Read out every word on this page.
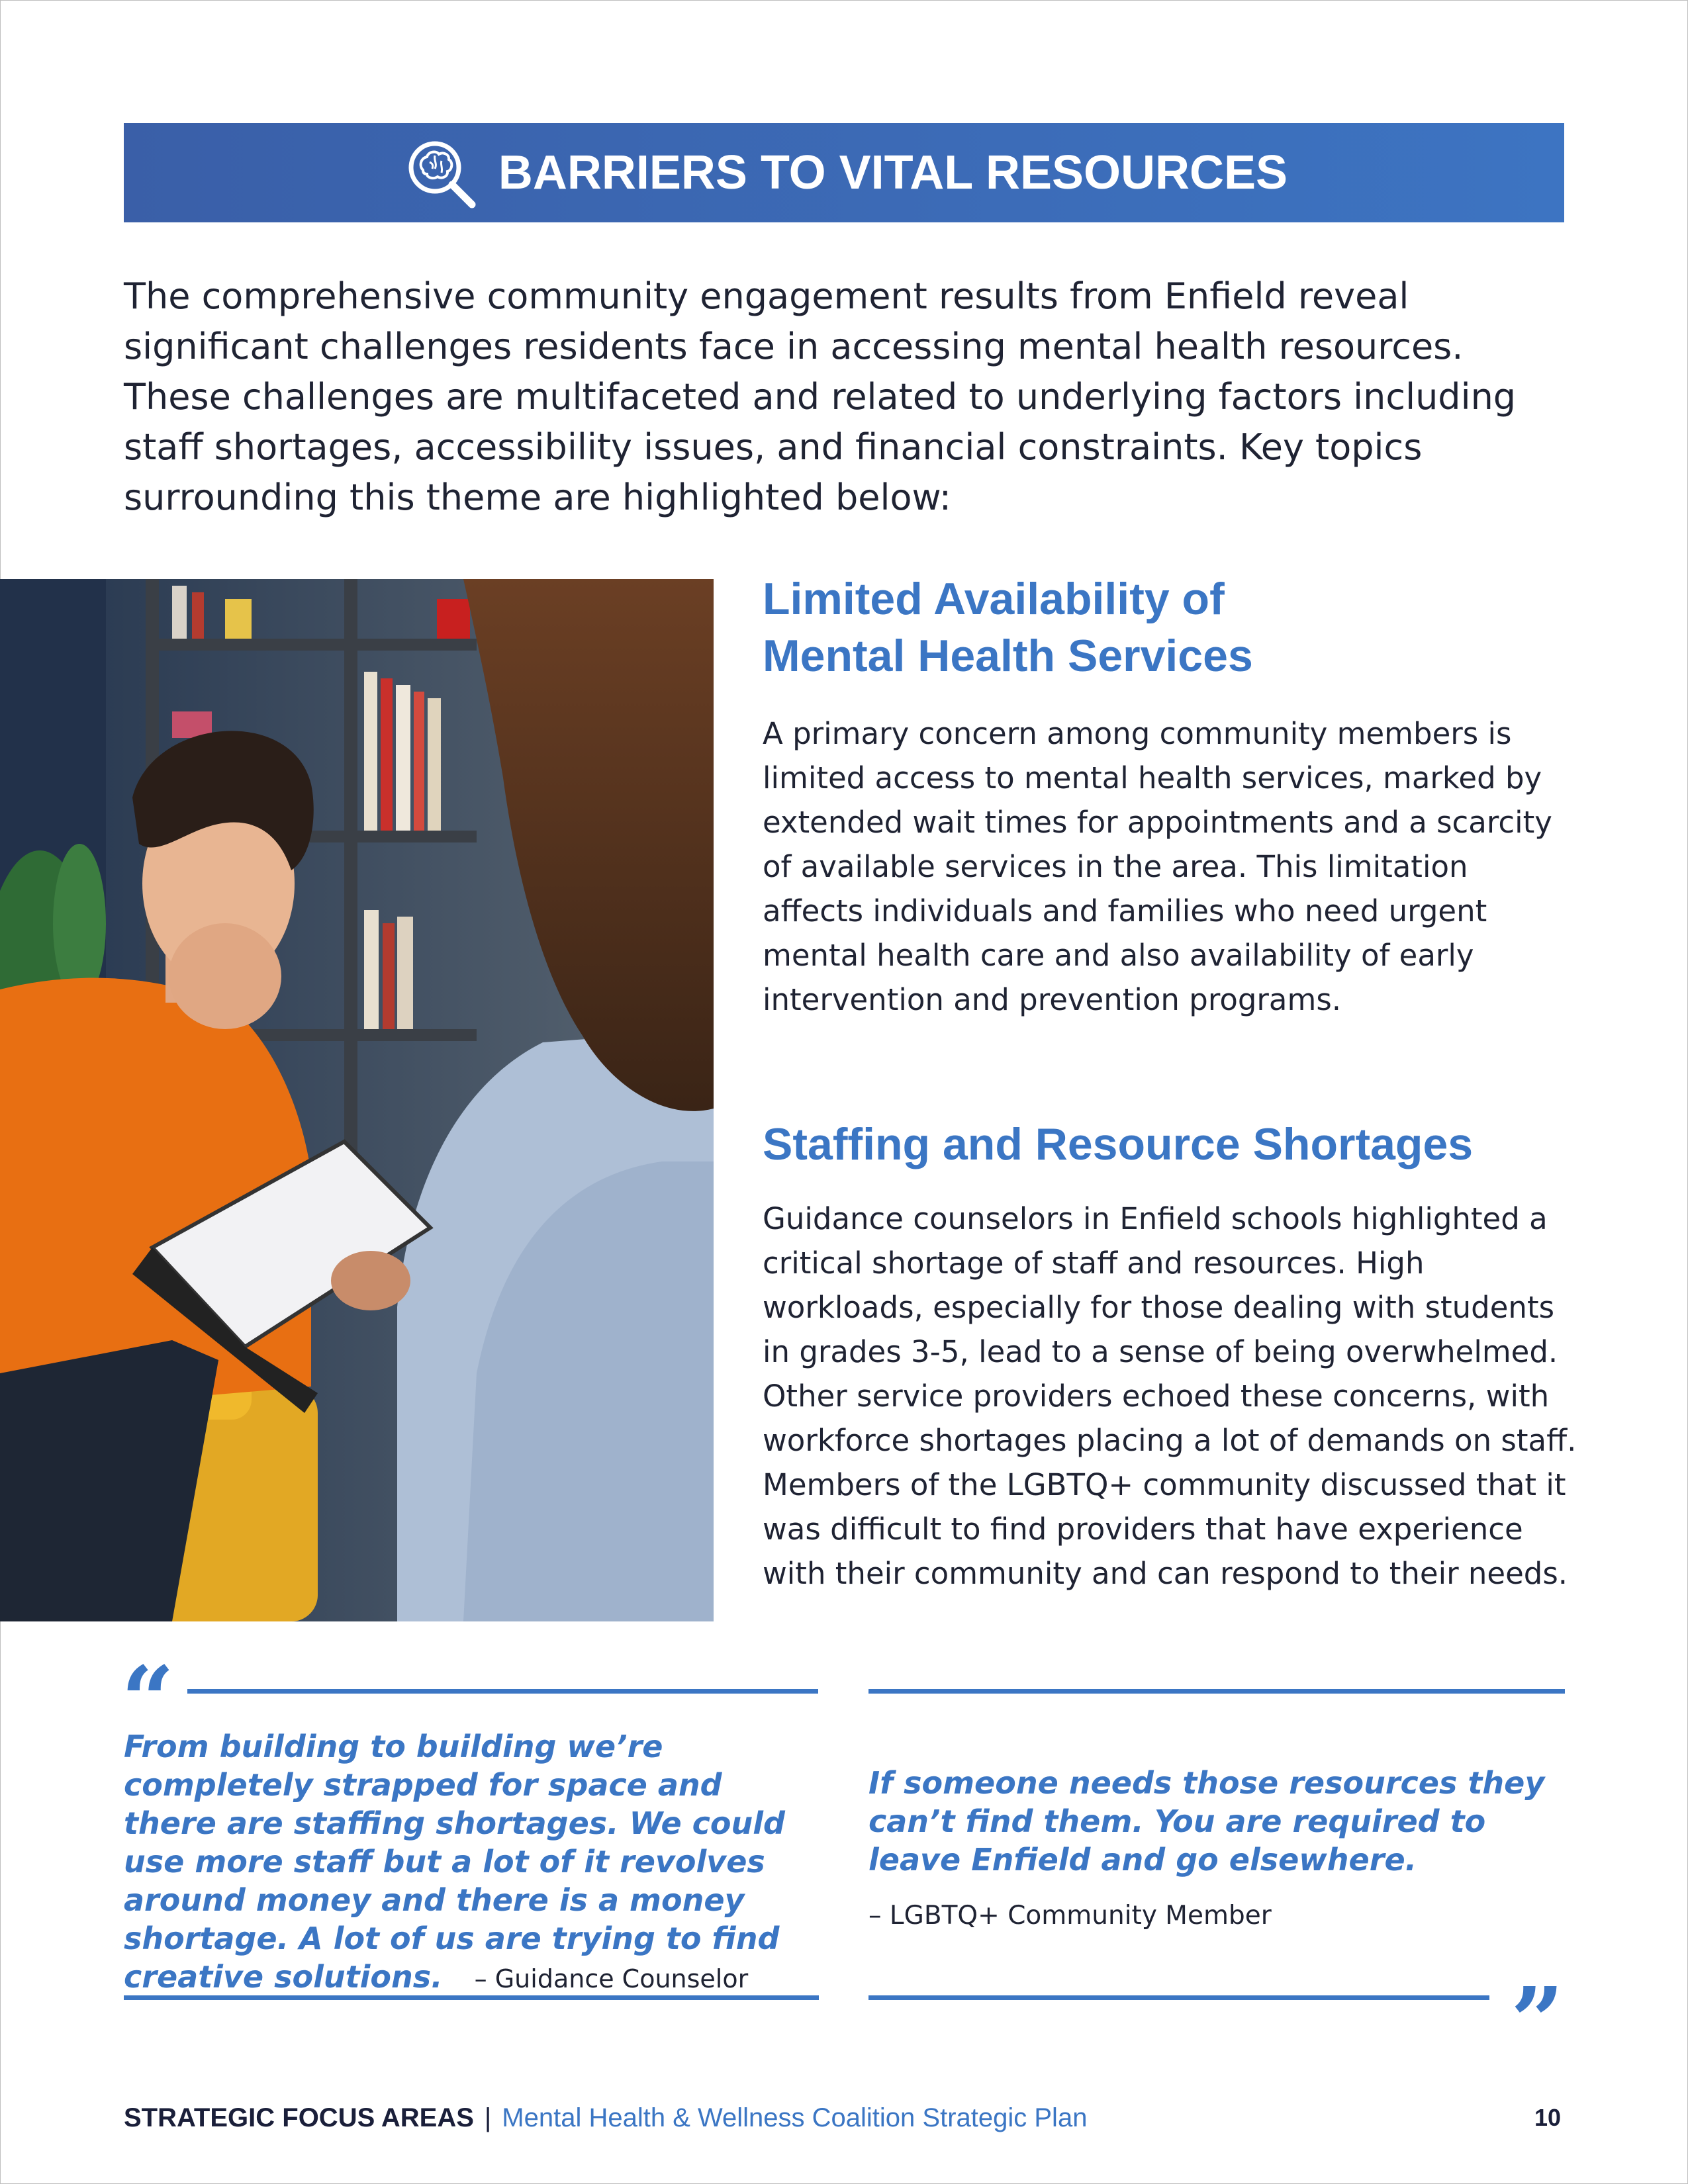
BARRIERS TO VITAL RESOURCES

The comprehensive community engagement results from Enfield reveal significant challenges residents face in accessing mental health resources. These challenges are multifaceted and related to underlying factors including staff shortages, accessibility issues, and financial constraints. Key topics surrounding this theme are highlighted below:

Limited Availability of
Mental Health Services

A primary concern among community members is limited access to mental health services, marked by extended wait times for appointments and a scarcity of available services in the area. This limitation affects individuals and families who need urgent mental health care and also availability of early intervention and prevention programs.

Staffing and Resource Shortages

Guidance counselors in Enfield schools highlighted a critical shortage of staff and resources. High workloads, especially for those dealing with students in grades 3-5, lead to a sense of being overwhelmed. Other service providers echoed these concerns, with workforce shortages placing a lot of demands on staff. Members of the LGBTQ+ community discussed that it was difficult to find providers that have experience with their community and can respond to their needs.

“

From building to building we’re completely strapped for space and there are staffing shortages. We could use more staff but a lot of it revolves around money and there is a money shortage. A lot of us are trying to find creative solutions. – Guidance Counselor

If someone needs those resources they can’t find them. You are required to leave Enfield and go elsewhere.

– LGBTQ+ Community Member

”
STRATEGIC FOCUS AREAS | Mental Health & Wellness Coalition Strategic Plan	10
